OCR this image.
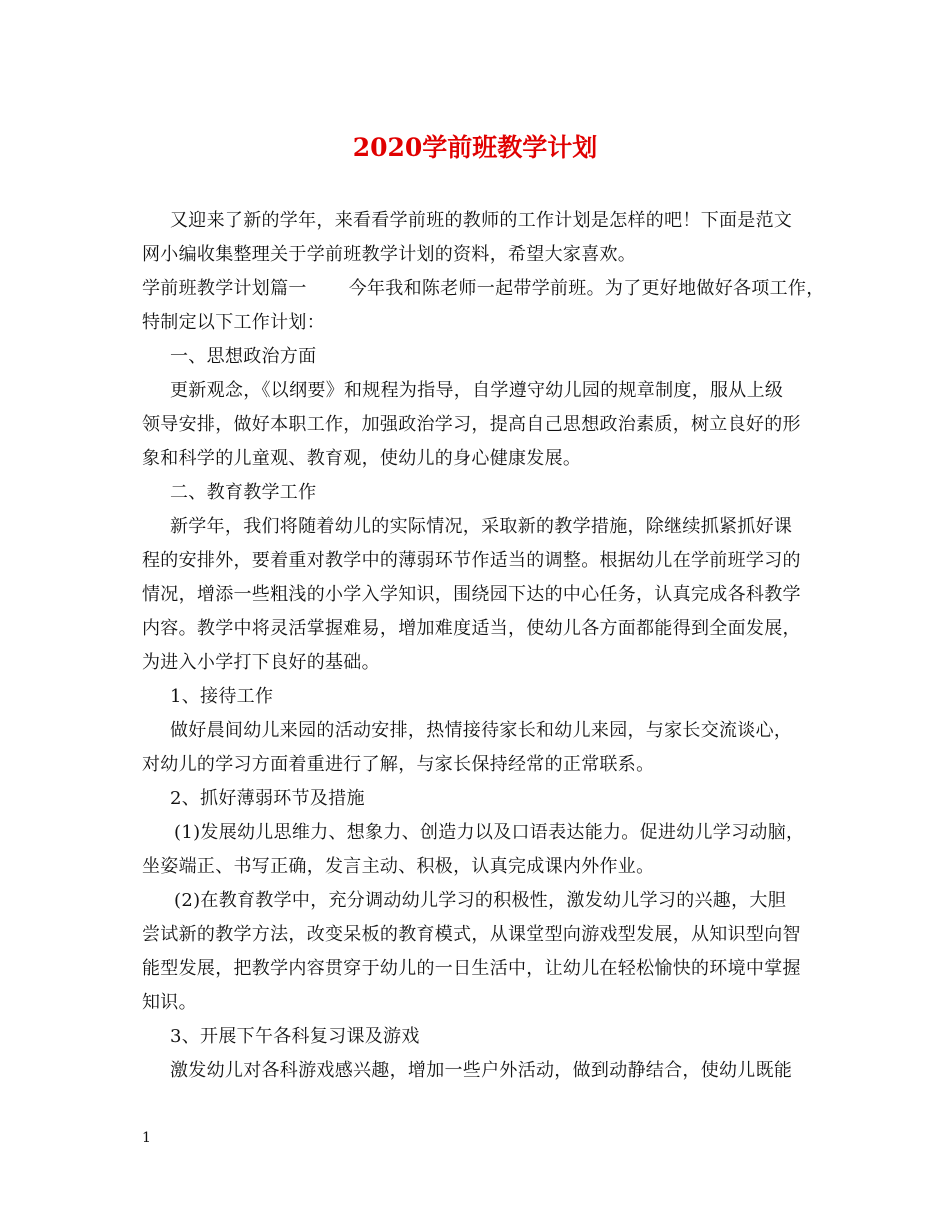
2020学前班教学计划
又迎来了新的学年，来看看学前班的教师的工作计划是怎样的吧！下面是范文
网小编收集整理关于学前班教学计划的资料，希望大家喜欢。
学前班教学计划篇一 今年我和陈老师一起带学前班。为了更好地做好各项工作，
特制定以下工作计划：
一、思想政治方面
更新观念，《以纲要》和规程为指导，自学遵守幼儿园的规章制度，服从上级
领导安排，做好本职工作，加强政治学习，提高自己思想政治素质，树立良好的形
象和科学的儿童观、教育观，使幼儿的身心健康发展。
二、教育教学工作
新学年，我们将随着幼儿的实际情况，采取新的教学措施，除继续抓紧抓好课
程的安排外，要着重对教学中的薄弱环节作适当的调整。根据幼儿在学前班学习的
情况，增添一些粗浅的小学入学知识，围绕园下达的中心任务，认真完成各科教学
内容。教学中将灵活掌握难易，增加难度适当，使幼儿各方面都能得到全面发展，
为进入小学打下良好的基础。
1、接待工作
做好晨间幼儿来园的活动安排，热情接待家长和幼儿来园，与家长交流谈心，
对幼儿的学习方面着重进行了解，与家长保持经常的正常联系。
2、抓好薄弱环节及措施
(1)发展幼儿思维力、想象力、创造力以及口语表达能力。促进幼儿学习动脑，
坐姿端正、书写正确，发言主动、积极，认真完成课内外作业。
(2)在教育教学中，充分调动幼儿学习的积极性，激发幼儿学习的兴趣，大胆
尝试新的教学方法，改变呆板的教育模式，从课堂型向游戏型发展，从知识型向智
能型发展，把教学内容贯穿于幼儿的一日生活中，让幼儿在轻松愉快的环境中掌握
知识。
3、开展下午各科复习课及游戏
激发幼儿对各科游戏感兴趣，增加一些户外活动，做到动静结合，使幼儿既能
1
